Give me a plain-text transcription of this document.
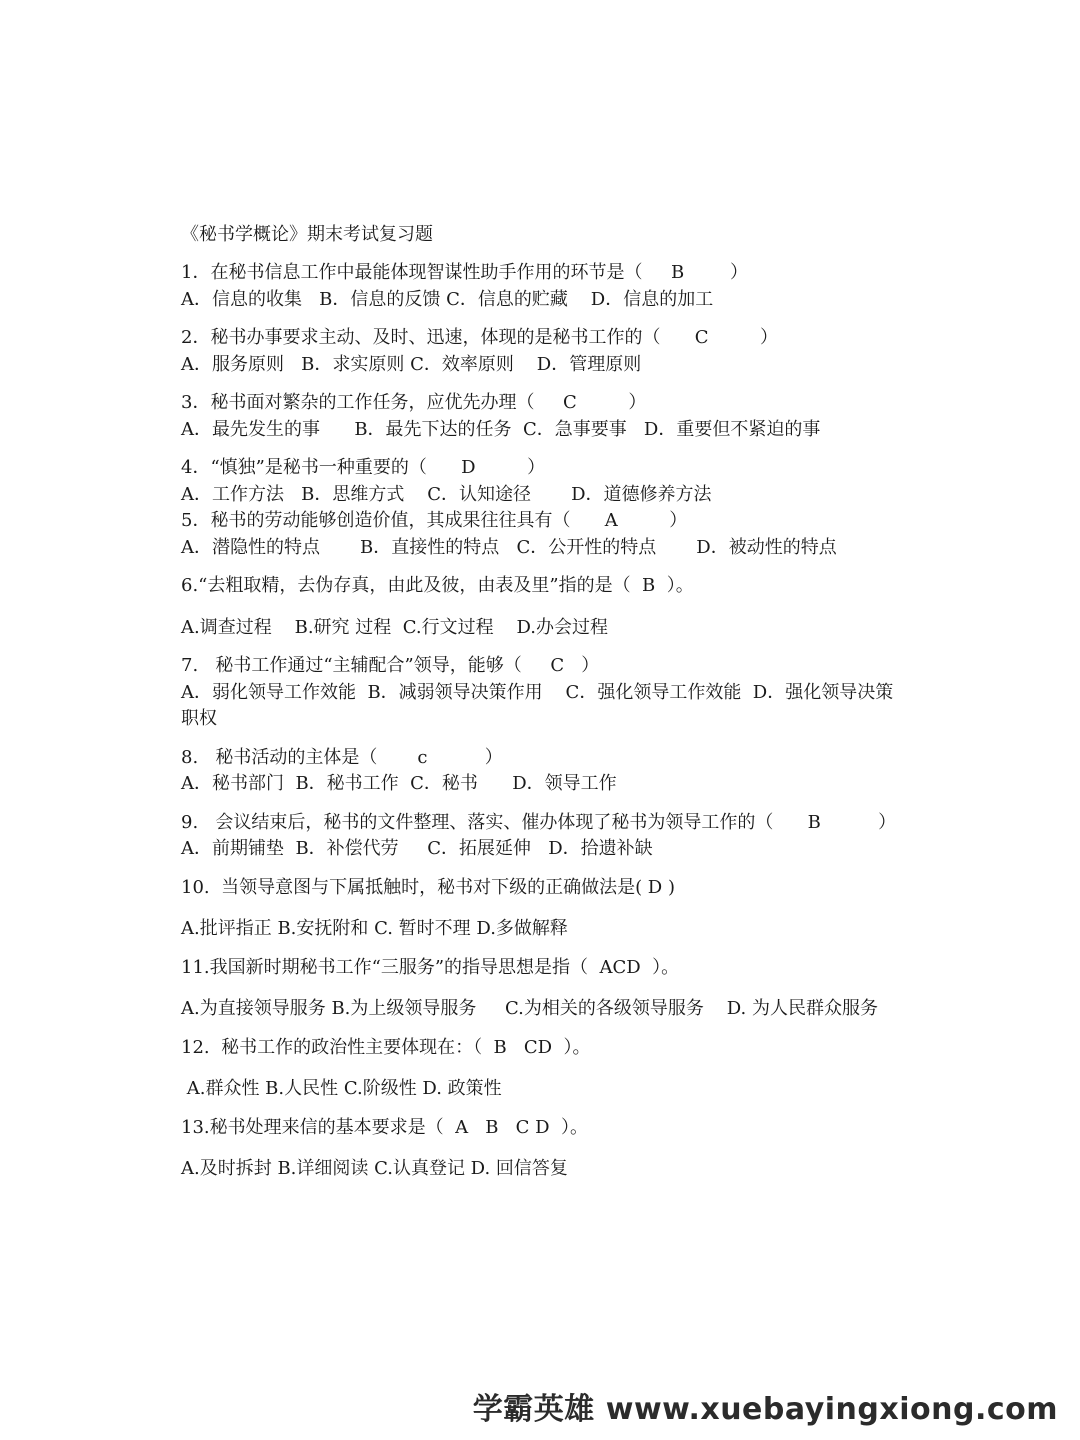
《秘书学概论》期末考试复习题

1．在秘书信息工作中最能体现智谋性助手作用的环节是（     B        ）

A．信息的收集   B．信息的反馈 C．信息的贮藏    D．信息的加工

2．秘书办事要求主动、及时、迅速，体现的是秘书工作的（      C         ）

A．服务原则   B．求实原则 C．效率原则    D．管理原则

3．秘书面对繁杂的工作任务，应优先办理（     C         ）

A．最先发生的事      B．最先下达的任务  C．急事要事   D．重要但不紧迫的事

4．“慎独”是秘书一种重要的（      D         ）

A．工作方法   B．思维方式    C．认知途径       D．道德修养方法

5．秘书的劳动能够创造价值，其成果往往具有（      A         ）

A．潜隐性的特点       B．直接性的特点   C．公开性的特点       D．被动性的特点

6.“去粗取精，去伪存真，由此及彼，由表及里”指的是（  B  ）。

A.调查过程    B.研究 过程  C.行文过程    D.办会过程

7.   秘书工作通过“主辅配合”领导，能够（     C   ）

A．弱化领导工作效能  B．减弱领导决策作用    C．强化领导工作效能  D．强化领导决策职权

8.   秘书活动的主体是（       c          ）

A．秘书部门  B．秘书工作  C．秘书      D．领导工作

9.   会议结束后，秘书的文件整理、落实、催办体现了秘书为领导工作的（      B          ）

A．前期铺垫  B．补偿代劳     C．拓展延伸   D．拾遗补缺

10.  当领导意图与下属抵触时，秘书对下级的正确做法是( D )

A.批评指正 B.安抚附和 C. 暂时不理 D.多做解释

11.我国新时期秘书工作“三服务”的指导思想是指（  ACD  ）。

A.为直接领导服务 B.为上级领导服务     C.为相关的各级领导服务    D. 为人民群众服务

12.  秘书工作的政治性主要体现在：（  B   CD  ）。

A.群众性 B.人民性 C.阶级性 D. 政策性

13.秘书处理来信的基本要求是（  A   B   C D  ）。

A.及时拆封 B.详细阅读 C.认真登记 D. 回信答复

学霸英雄 www.xuebayingxiong.com
